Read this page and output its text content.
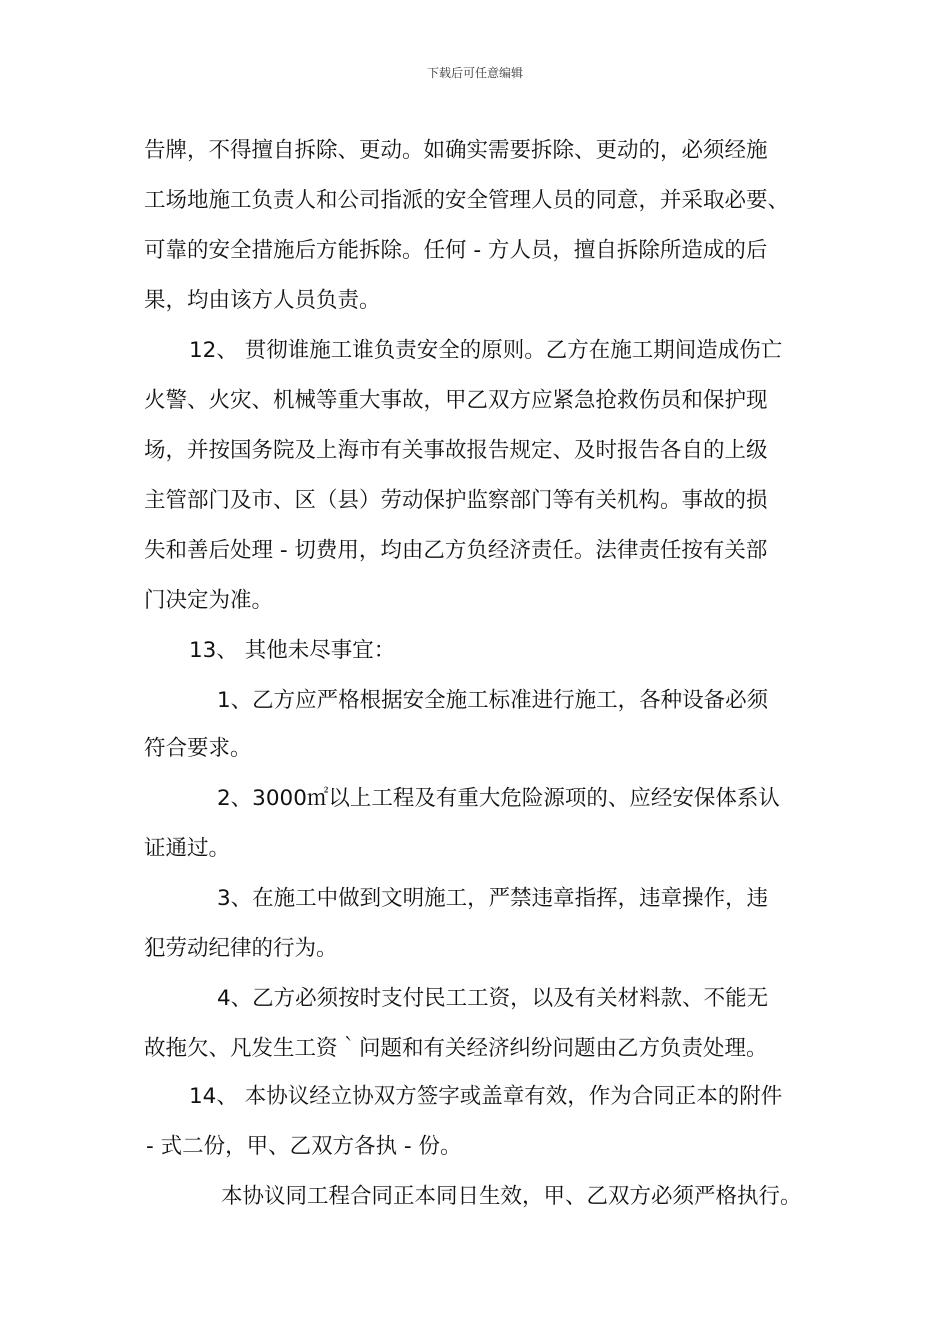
下载后可任意编辑
告牌，不得擅自拆除、更动。如确实需要拆除、更动的，必须经施
工场地施工负责人和公司指派的安全管理人员的同意，并采取必要、
可靠的安全措施后方能拆除。任何 - 方人员，擅自拆除所造成的后
果，均由该方人员负责。
12、 贯彻谁施工谁负责安全的原则。乙方在施工期间造成伤亡
火警、火灾、机械等重大事故，甲乙双方应紧急抢救伤员和保护现
场，并按国务院及上海市有关事故报告规定、及时报告各自的上级
主管部门及市、区（县）劳动保护监察部门等有关机构。事故的损
失和善后处理 - 切费用，均由乙方负经济责任。法律责任按有关部
门决定为准。
13、 其他未尽事宜：
1、乙方应严格根据安全施工标准进行施工，各种设备必须
符合要求。
2、3000㎡以上工程及有重大危险源项的、应经安保体系认
证通过。
3、在施工中做到文明施工，严禁违章指挥，违章操作，违
犯劳动纪律的行为。
4、乙方必须按时支付民工工资，以及有关材料款、不能无
故拖欠、凡发生工资｀问题和有关经济纠纷问题由乙方负责处理。
14、 本协议经立协双方签字或盖章有效，作为合同正本的附件
- 式二份，甲、乙双方各执 - 份。
本协议同工程合同正本同日生效，甲、乙双方必须严格执行。
